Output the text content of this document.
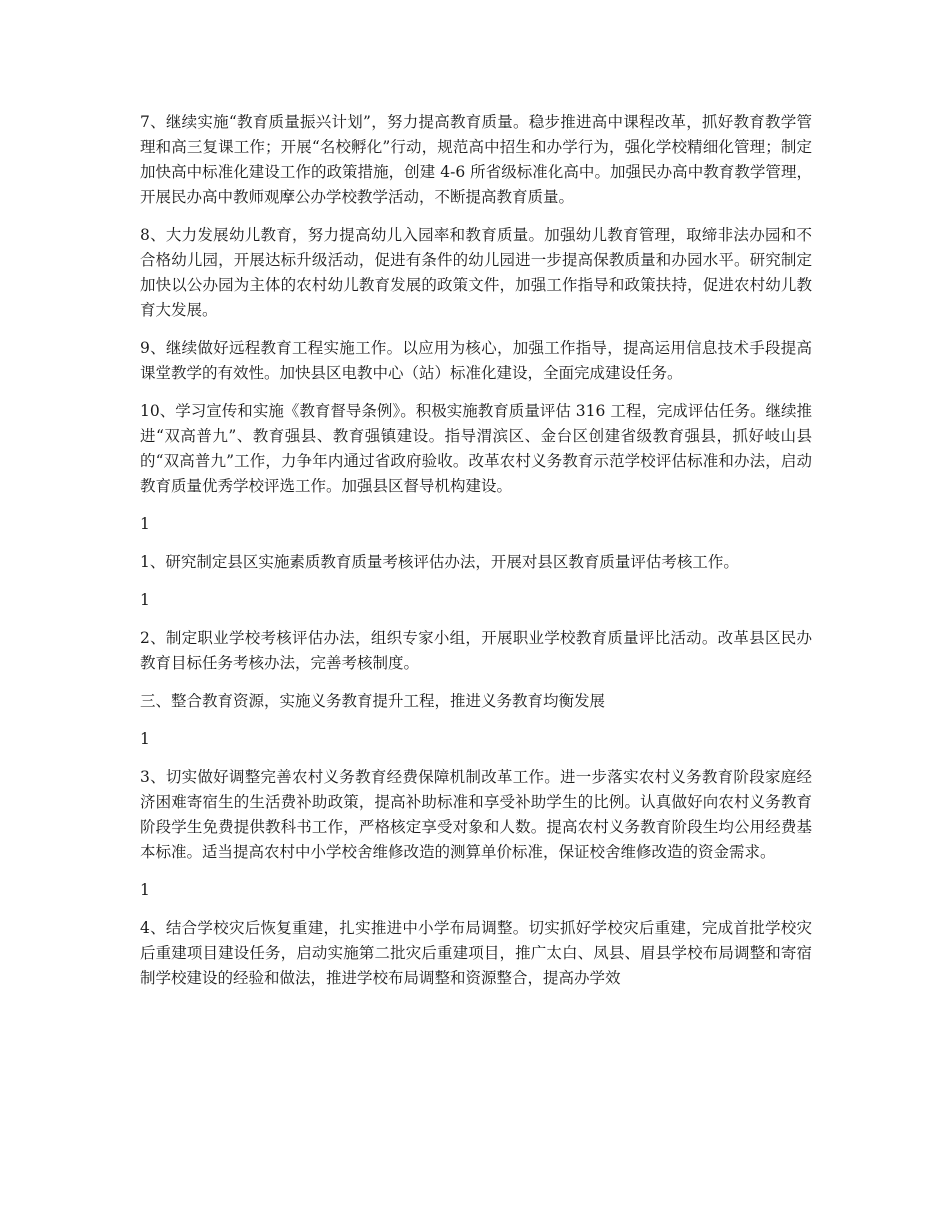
7、继续实施“教育质量振兴计划”，努力提高教育质量。稳步推进高中课程改革，抓好教育教学管理和高三复课工作；开展“名校孵化”行动，规范高中招生和办学行为，强化学校精细化管理；制定加快高中标准化建设工作的政策措施，创建 4-6 所省级标准化高中。加强民办高中教育教学管理，开展民办高中教师观摩公办学校教学活动，不断提高教育质量。

8、大力发展幼儿教育，努力提高幼儿入园率和教育质量。加强幼儿教育管理，取缔非法办园和不合格幼儿园，开展达标升级活动，促进有条件的幼儿园进一步提高保教质量和办园水平。研究制定加快以公办园为主体的农村幼儿教育发展的政策文件，加强工作指导和政策扶持，促进农村幼儿教育大发展。

9、继续做好远程教育工程实施工作。以应用为核心，加强工作指导，提高运用信息技术手段提高课堂教学的有效性。加快县区电教中心（站）标准化建设，全面完成建设任务。

10、学习宣传和实施《教育督导条例》。积极实施教育质量评估 316 工程，完成评估任务。继续推进“双高普九”、教育强县、教育强镇建设。指导渭滨区、金台区创建省级教育强县，抓好岐山县的“双高普九”工作，力争年内通过省政府验收。改革农村义务教育示范学校评估标准和办法，启动教育质量优秀学校评选工作。加强县区督导机构建设。

1

1、研究制定县区实施素质教育质量考核评估办法，开展对县区教育质量评估考核工作。

1

2、制定职业学校考核评估办法，组织专家小组，开展职业学校教育质量评比活动。改革县区民办教育目标任务考核办法，完善考核制度。

三、整合教育资源，实施义务教育提升工程，推进义务教育均衡发展

1

3、切实做好调整完善农村义务教育经费保障机制改革工作。进一步落实农村义务教育阶段家庭经济困难寄宿生的生活费补助政策，提高补助标准和享受补助学生的比例。认真做好向农村义务教育阶段学生免费提供教科书工作，严格核定享受对象和人数。提高农村义务教育阶段生均公用经费基本标准。适当提高农村中小学校舍维修改造的测算单价标准，保证校舍维修改造的资金需求。

1

4、结合学校灾后恢复重建，扎实推进中小学布局调整。切实抓好学校灾后重建，完成首批学校灾后重建项目建设任务，启动实施第二批灾后重建项目，推广太白、凤县、眉县学校布局调整和寄宿制学校建设的经验和做法，推进学校布局调整和资源整合，提高办学效
